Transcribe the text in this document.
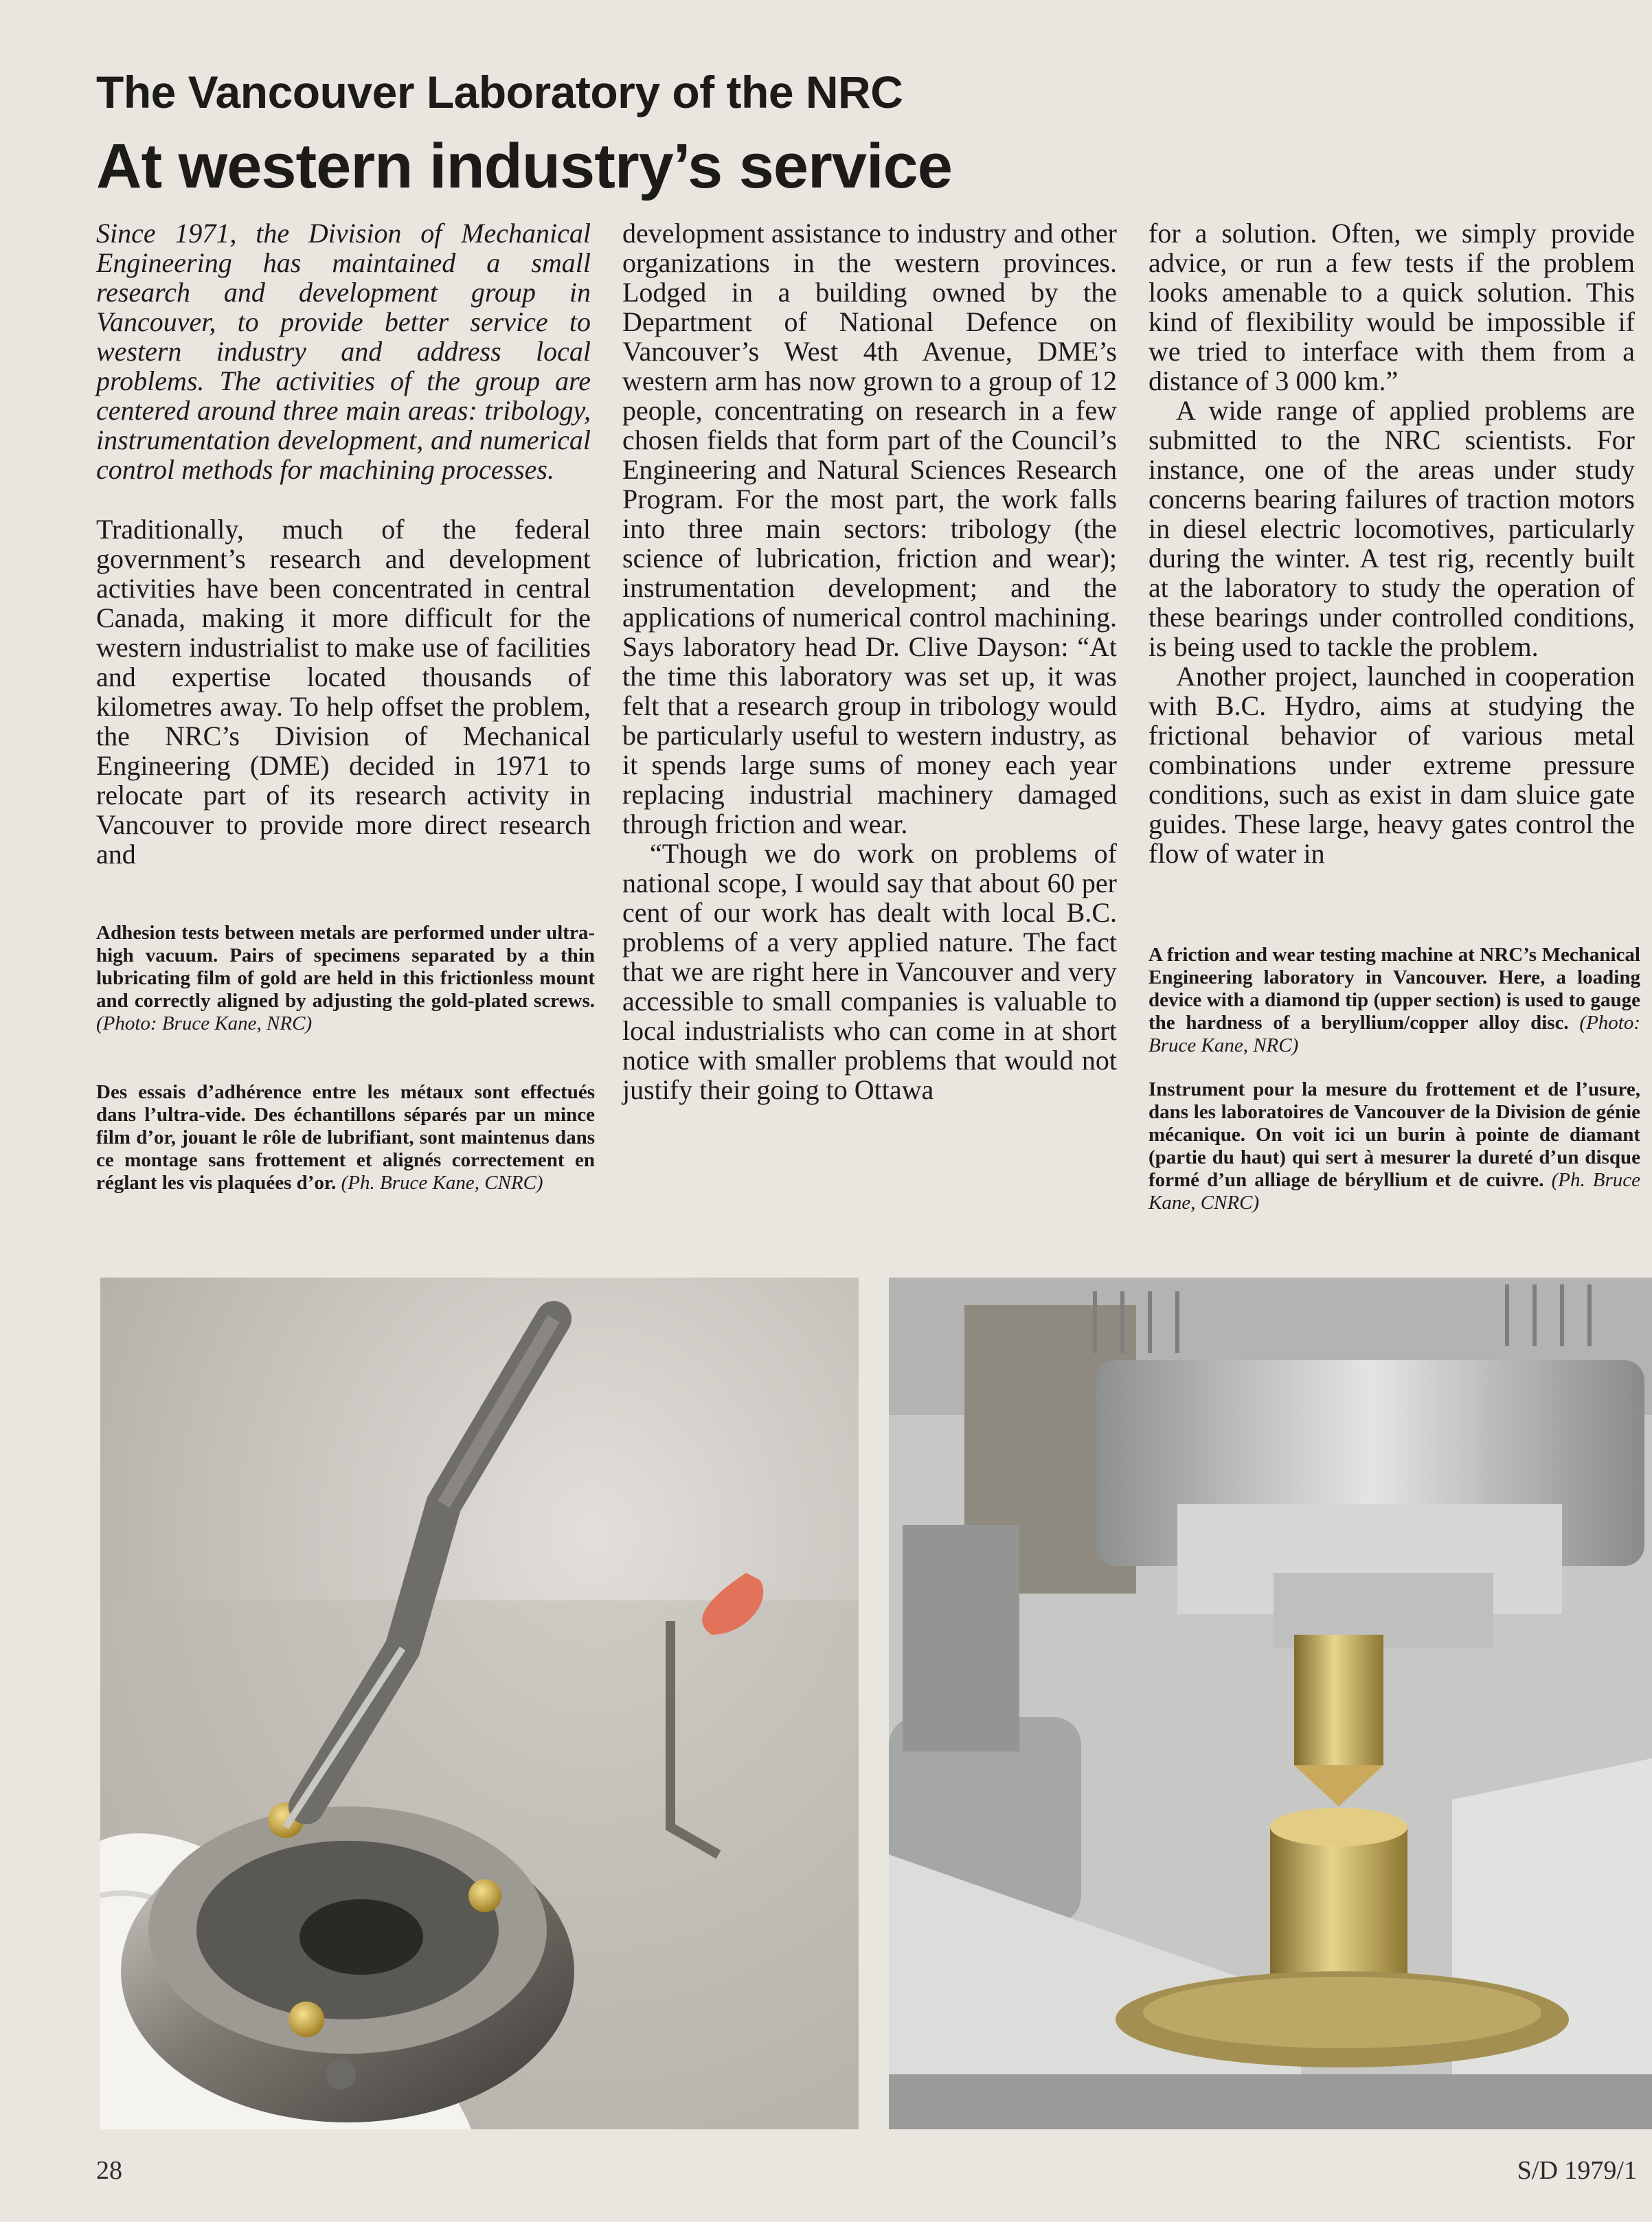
The Vancouver Laboratory of the NRC
At western industry’s service

Since 1971, the Division of Mechanical Engineering has maintained a small research and development group in Vancouver, to provide better service to western industry and address local problems. The activities of the group are centered around three main areas: tribology, instrumentation development, and numerical control methods for machining processes.

Traditionally, much of the federal government’s research and development activities have been concentrated in central Canada, making it more difficult for the western industrialist to make use of facilities and expertise located thousands of kilometres away. To help offset the problem, the NRC’s Division of Mechanical Engineering (DME) decided in 1971 to relocate part of its research activity in Vancouver to provide more direct research and

development assistance to industry and other organizations in the western provinces. Lodged in a building owned by the Department of National Defence on Vancouver’s West 4th Avenue, DME’s western arm has now grown to a group of 12 people, concentrating on research in a few chosen fields that form part of the Council’s Engineering and Natural Sciences Research Program. For the most part, the work falls into three main sectors: tribology (the science of lubrication, friction and wear); instrumentation development; and the applications of numerical control machining. Says laboratory head Dr. Clive Dayson: “At the time this laboratory was set up, it was felt that a research group in tribology would be particularly useful to western industry, as it spends large sums of money each year replacing industrial machinery damaged through friction and wear.

“Though we do work on problems of national scope, I would say that about 60 per cent of our work has dealt with local B.C. problems of a very applied nature. The fact that we are right here in Vancouver and very accessible to small companies is valuable to local industrialists who can come in at short notice with smaller problems that would not justify their going to Ottawa

for a solution. Often, we simply provide advice, or run a few tests if the problem looks amenable to a quick solution. This kind of flexibility would be impossible if we tried to interface with them from a distance of 3 000 km.”

A wide range of applied problems are submitted to the NRC scientists. For instance, one of the areas under study concerns bearing failures of traction motors in diesel electric locomotives, particularly during the winter. A test rig, recently built at the laboratory to study the operation of these bearings under controlled conditions, is being used to tackle the problem.

Another project, launched in cooperation with B.C. Hydro, aims at studying the frictional behavior of various metal combinations under extreme pressure conditions, such as exist in dam sluice gate guides. These large, heavy gates control the flow of water in

Adhesion tests between metals are performed under ultra-high vacuum. Pairs of specimens separated by a thin lubricating film of gold are held in this frictionless mount and correctly aligned by adjusting the gold-plated screws. (Photo: Bruce Kane, NRC)

Des essais d’adhérence entre les métaux sont effectués dans l’ultra-vide. Des échantillons séparés par un mince film d’or, jouant le rôle de lubrifiant, sont maintenus dans ce montage sans frottement et alignés correctement en réglant les vis plaquées d’or. (Ph. Bruce Kane, CNRC)

A friction and wear testing machine at NRC’s Mechanical Engineering laboratory in Vancouver. Here, a loading device with a diamond tip (upper section) is used to gauge the hardness of a beryllium/copper alloy disc. (Photo: Bruce Kane, NRC)

Instrument pour la mesure du frottement et de l’usure, dans les laboratoires de Vancouver de la Division de génie mécanique. On voit ici un burin à pointe de diamant (partie du haut) qui sert à mesurer la dureté d’un disque formé d’un alliage de béryllium et de cuivre. (Ph. Bruce Kane, CNRC)

28	S/D 1979/1
